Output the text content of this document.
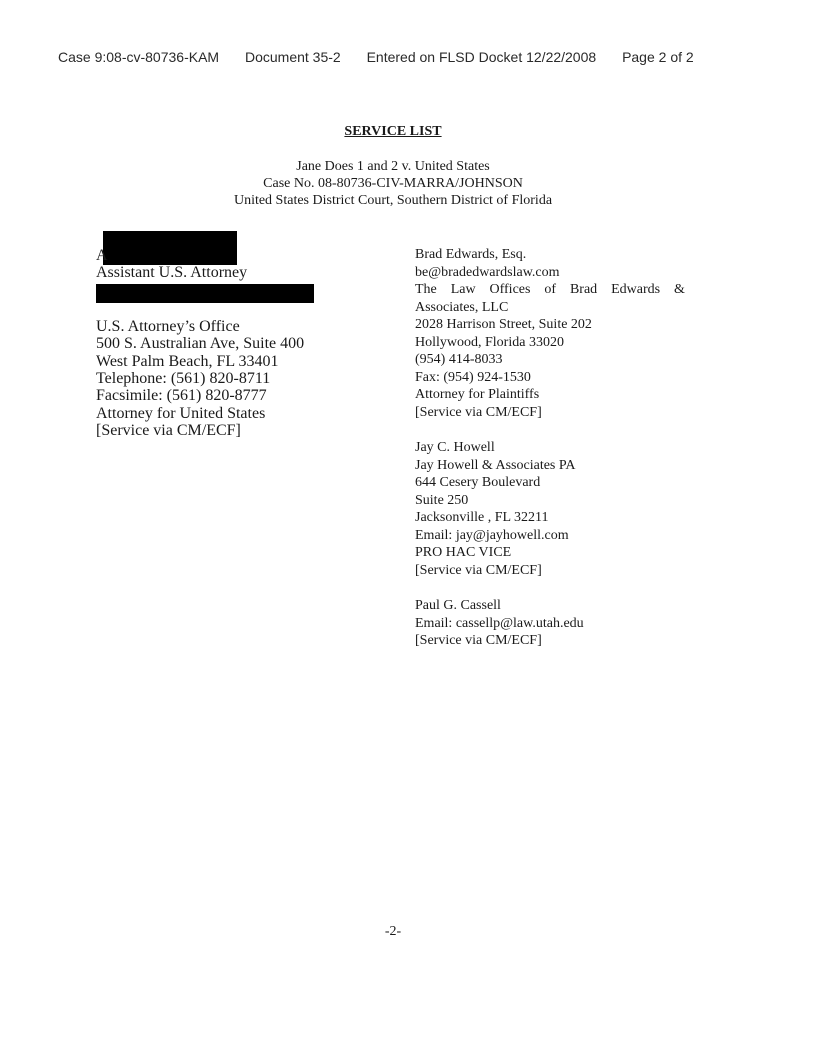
Case 9:08-cv-80736-KAM Document 35-2 Entered on FLSD Docket 12/22/2008 Page 2 of 2
SERVICE LIST
Jane Does 1 and 2 v. United States
Case No. 08-80736-CIV-MARRA/JOHNSON
United States District Court, Southern District of Florida
A
Assistant U.S. Attorney
U.S. Attorney’s Office
500 S. Australian Ave, Suite 400
West Palm Beach, FL 33401
Telephone: (561) 820-8711
Facsimile: (561) 820-8777
Attorney for United States
[Service via CM/ECF]
Brad Edwards, Esq.
be@bradedwardslaw.com
The Law Offices of Brad Edwards &
Associates, LLC
2028 Harrison Street, Suite 202
Hollywood, Florida 33020
(954) 414-8033
Fax: (954) 924-1530
Attorney for Plaintiffs
[Service via CM/ECF]
Jay C. Howell
Jay Howell & Associates PA
644 Cesery Boulevard
Suite 250
Jacksonville , FL 32211
Email: jay@jayhowell.com
PRO HAC VICE
[Service via CM/ECF]
Paul G. Cassell
Email: cassellp@law.utah.edu
[Service via CM/ECF]
-2-
